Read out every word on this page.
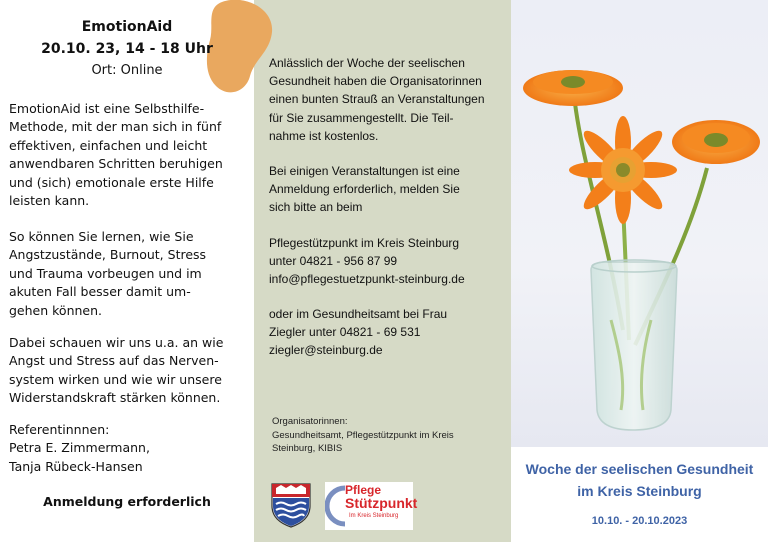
EmotionAid
20.10. 23, 14 - 18 Uhr
Ort: Online

EmotionAid ist eine Selbsthilfe-
Methode, mit der man sich in fünf
effektiven, einfachen und leicht
anwendbaren Schritten beruhigen
und (sich) emotionale erste Hilfe
leisten kann.

So können Sie lernen, wie Sie
Angstzustände, Burnout, Stress
und Trauma vorbeugen und im
akuten Fall besser damit um-
gehen können.

Dabei schauen wir uns u.a. an wie
Angst und Stress auf das Nerven-
system wirken und wie wir unsere
Widerstandskraft stärken können.

Referentinnnen:
Petra E. Zimmermann,
Tanja Rübeck-Hansen

Anmeldung erforderlich

Anlässlich der Woche der seelischen
Gesundheit haben die Organisatorinnen
einen bunten Strauß an Veranstaltungen
für Sie zusammengestellt. Die Teil-
nahme ist kostenlos.

Bei einigen Veranstaltungen ist eine
Anmeldung erforderlich, melden Sie
sich bitte an beim

Pflegestützpunkt im Kreis Steinburg
unter 04821 - 956 87 99
info@pflegestuetzpunkt-steinburg.de

oder im Gesundheitsamt bei Frau
Ziegler unter 04821 - 69 531
ziegler@steinburg.de

Organisatorinnen:
Gesundheitsamt, Pflegestützpunkt im Kreis
Steinburg, KIBIS

Pflege
Stützpunkt
Im Kreis Steinburg

Woche der seelischen Gesundheit
im Kreis Steinburg

10.10. - 20.10.2023
